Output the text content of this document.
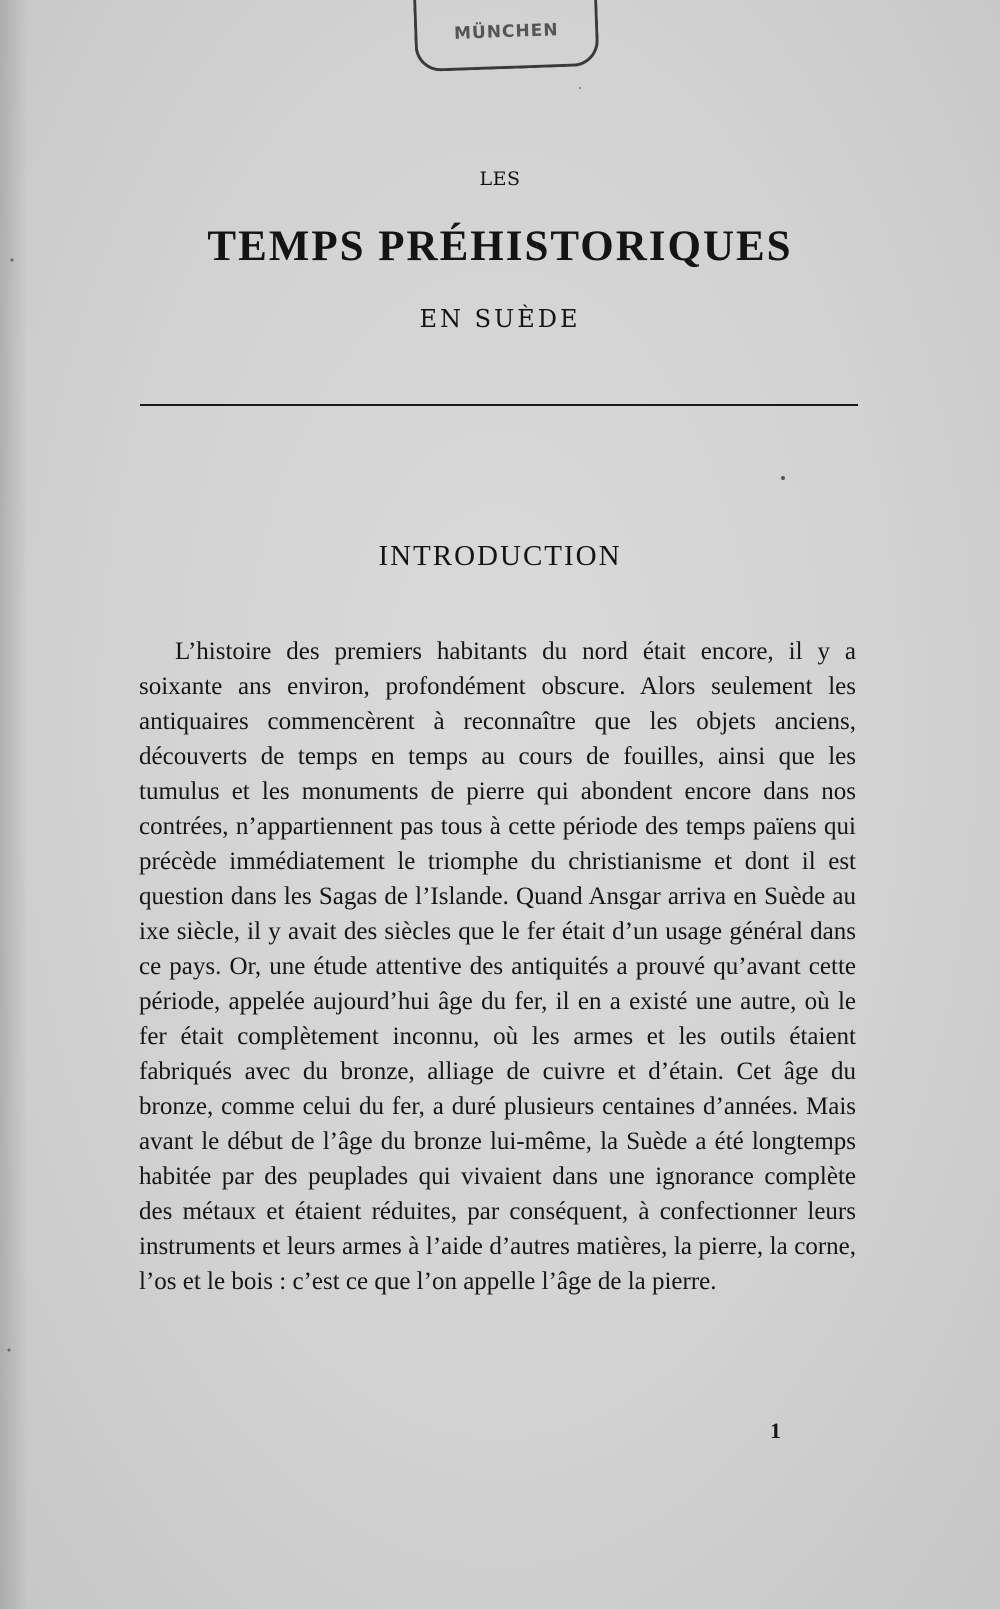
MÜNCHEN
LES
TEMPS PRÉHISTORIQUES
EN SUÈDE
INTRODUCTION

L’histoire des premiers habitants du nord était encore, il y a soixante ans environ, profondément obscure. Alors seulement les antiquaires commencèrent à reconnaître que les objets anciens, découverts de temps en temps au cours de fouilles, ainsi que les tumulus et les monuments de pierre qui abondent encore dans nos contrées, n’appartiennent pas tous à cette période des temps païens qui précède immédiatement le triomphe du christianisme et dont il est question dans les Sagas de l’Islande. Quand Ansgar arriva en Suède au ixe siècle, il y avait des siècles que le fer était d’un usage général dans ce pays. Or, une étude attentive des antiquités a prouvé qu’avant cette période, appelée aujourd’hui âge du fer, il en a existé une autre, où le fer était complètement inconnu, où les armes et les outils étaient fabriqués avec du bronze, alliage de cuivre et d’étain. Cet âge du bronze, comme celui du fer, a duré plusieurs centaines d’années. Mais avant le début de l’âge du bronze lui-même, la Suède a été longtemps habitée par des peuplades qui vivaient dans une ignorance complète des métaux et étaient réduites, par conséquent, à confectionner leurs instruments et leurs armes à l’aide d’autres matières, la pierre, la corne, l’os et le bois : c’est ce que l’on appelle l’âge de la pierre.

1
